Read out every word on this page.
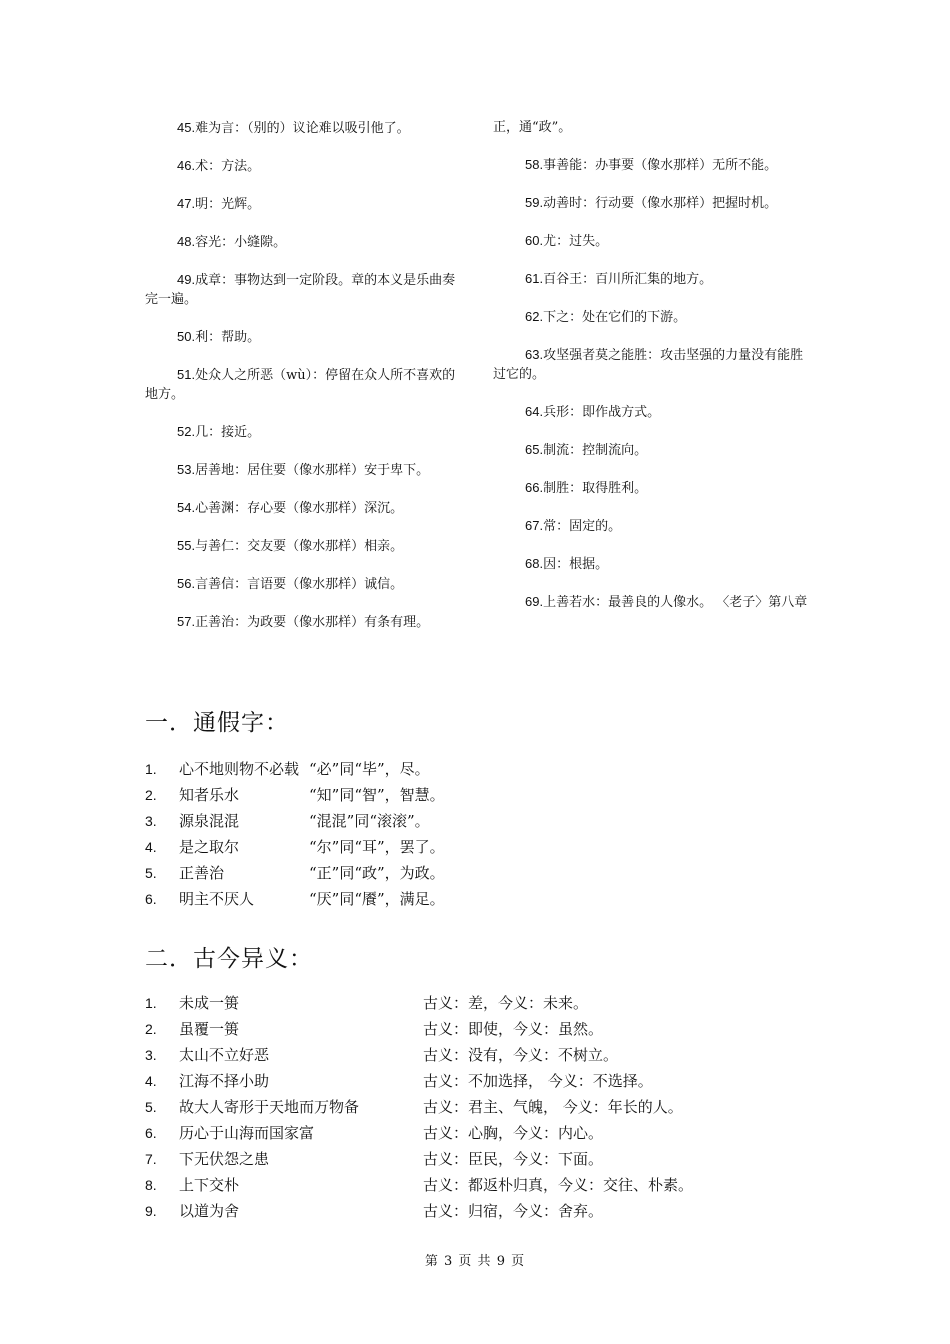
45.难为言：（别的）议论难以吸引他了。

46.术：方法。

47.明：光辉。

48.容光：小缝隙。

49.成章：事物达到一定阶段。章的本义是乐曲奏完一遍。

50.利：帮助。

51.处众人之所恶（wù）：停留在众人所不喜欢的地方。

52.几：接近。

53.居善地：居住要（像水那样）安于卑下。

54.心善渊：存心要（像水那样）深沉。

55.与善仁：交友要（像水那样）相亲。

56.言善信：言语要（像水那样）诚信。

57.正善治：为政要（像水那样）有条有理。

正，通“政”。

58.事善能：办事要（像水那样）无所不能。

59.动善时：行动要（像水那样）把握时机。

60.尤：过失。

61.百谷王：百川所汇集的地方。

62.下之：处在它们的下游。

63.攻坚强者莫之能胜：攻击坚强的力量没有能胜过它的。

64.兵形：即作战方式。

65.制流：控制流向。

66.制胜：取得胜利。

67.常：固定的。

68.因：根据。

69.上善若水：最善良的人像水。 〈老子〉第八章

一．通假字：
1.	心不地则物不必载 “必”同“毕”，尽。
2.	知者乐水	“知”同“智”，智慧。
3.	源泉混混	“混混”同“滚滚”。
4.	是之取尔	“尔”同“耳”，罢了。
5.	正善治	“正”同“政”，为政。
6.	明主不厌人	“厌”同“餍”，满足。
二．古今异义：
1.	未成一篑	古义：差，今义：未来。
2.	虽覆一篑	古义：即使，今义：虽然。
3.	太山不立好恶	古义：没有，今义：不树立。
4.	江海不择小助	古义：不加选择， 今义：不选择。
5.	故大人寄形于天地而万物备	古义：君主、气魄， 今义：年长的人。
6.	历心于山海而国家富	古义：心胸，今义：内心。
7.	下无伏怨之患	古义：臣民，今义：下面。
8.	上下交朴	古义：都返朴归真，今义：交往、朴素。
9.	以道为舍	古义：归宿，今义：舍弃。
第 3 页 共 9 页
